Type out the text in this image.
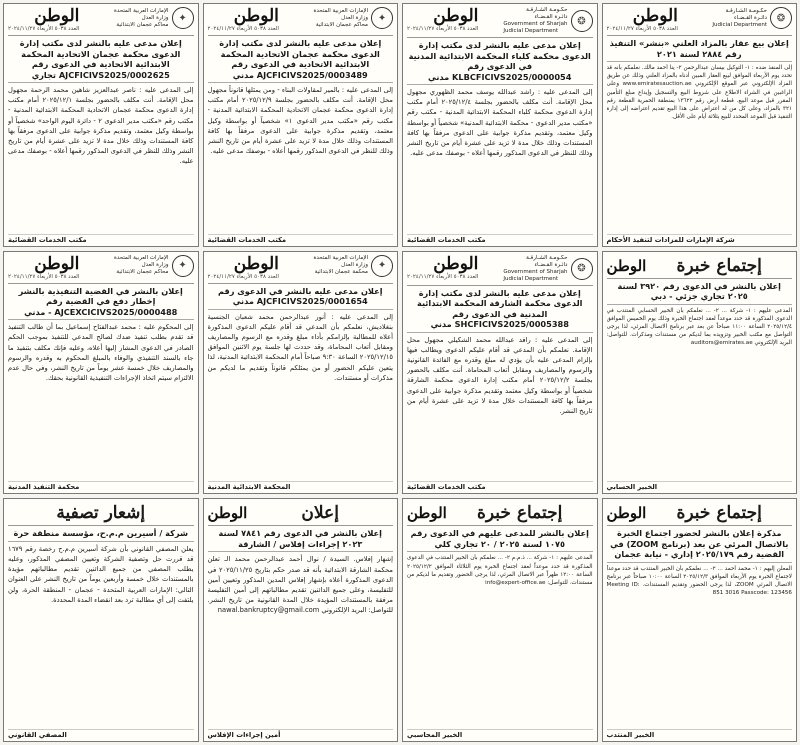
✦
الإمارات العربية المتحدة
وزارة العدل
محاكم عجمان الابتدائية
الوطن
العدد ٥٠٣٨ الأربعاء ٢٠٢٤/١١/٢٧
إعلان مدعى عليه بالنشر لدى مكتب إدارة الدعوى محكمة عجمان الاتحادية المحكمة الابتدائية الاتحادية في الدعوى رقم AJCFICIVS2025/0002625 تجاري

إلى المدعى عليه : ناصر عبدالعزيز شاهين محمد الرحمة مجهول محل الإقامة. أنت مكلف بالحضور بجلسة ٢٠٢٥/١٢/١ أمام مكتب إدارة الدعوى محكمة عجمان الاتحادية المحكمة الابتدائية المدنية - مكتب رقم «مكتب مدير الدعوى ٢ - دائرة اليوم الواحد» شخصياً أو بواسطة وكيل معتمد، وتقديم مذكرة جوابية على الدعوى مرفقاً بها كافة المستندات وذلك خلال مدة لا تزيد على عشرة أيام من تاريخ النشر وذلك للنظر في الدعوى المذكور رقمها أعلاه - بوصفك مدعى عليه.

مكتب الخدمات القضائية
✦
الإمارات العربية المتحدة
وزارة العدل
محاكم عجمان الابتدائية
الوطن
العدد ٥٠٣٨ الأربعاء ٢٠٢٤/١١/٢٧
إعلان مدعى عليه بالنشر لدى مكتب إدارة الدعوى محكمة عجمان الاتحادية المحكمة الابتدائية الاتحادية في الدعوى رقم AJCFICIVS2025/0003489 مدني

إلى المدعى عليه : بالمير لمقاولات البناء - ومن يمثلها قانوناً مجهول محل الإقامة. أنت مكلف بالحضور بجلسة ٢٠٢٥/١٢/٩ أمام مكتب إدارة الدعوى محكمة عجمان الاتحادية المحكمة الابتدائية المدنية - مكتب رقم «مكتب مدير الدعوى ١» شخصياً أو بواسطة وكيل معتمد، وتقديم مذكرة جوابية على الدعوى مرفقاً بها كافة المستندات وذلك خلال مدة لا تزيد على عشرة أيام من تاريخ النشر وذلك للنظر في الدعوى المذكور رقمها أعلاه - بوصفك مدعى عليه.

مكتب الخدمات القضائية
❂
حكـومـة الشـارقـة
دائـرة القـضـاء
Government of Sharjah
Judicial Department
الوطن
العدد ٥٠٣٨ الأربعاء ٢٠٢٤/١١/٢٧
إعلان مدعى عليه بالنشر لدى مكتب إدارة الدعوى محكمة كلباء المحكمة الابتدائية المدنية في الدعوى رقم KLBCFICIVS2025/0000054 مدني

إلى المدعى عليه : راشد عبدالله يوسف محمد الظهوري مجهول محل الإقامة. أنت مكلف بالحضور بجلسة ٢٠٢٥/١٢/٤ أمام مكتب إدارة الدعوى محكمة كلباء المحكمة الابتدائية المدنية - مكتب رقم «مكتب مدير الدعوى - محكمة الابتدائية المدنية» شخصياً أو بواسطة وكيل معتمد، وتقديم مذكرة جوابية على الدعوى مرفقاً بها كافة المستندات وذلك خلال مدة لا تزيد على عشرة أيام من تاريخ النشر وذلك للنظر في الدعوى المذكور رقمها أعلاه - بوصفك مدعى عليه.

مكتب الخدمات القضائية
❂
حكـومـة الشـارقـة
دائـرة القـضـاء
Judicial Department
الوطن
العدد ٥٠٣٨ الأربعاء ٢٠٢٤/١١/٢٧
إعلان بيع عقار بالمزاد العلني «بنشر» التنفيذ رقم ٢٨٨٤ لسنة ٢٠٢١

إلى المنفذ ضده : ١- التوكيل بيسان عبدالرحمن ٢- ينا أحمد مالك. نعلمكم بأنه قد تحدد يوم الأربعاء الموافق لبيع العقار المبين أدناه بالمزاد العلني وذلك عن طريق المزاد الإلكتروني عبر الموقع الإلكتروني www.emiratesauction.ae وعلى الراغبين في الشراء الاطلاع على شروط البيع والتسجيل وإيداع مبلغ التأمين المقرر قبل موعد البيع. قطعة أرض رقم ١٣٦٢٢ بمنطقة الحمرية القطعة رقم ٣٢١ بالمزاد، وعلى كل من له اعتراض على هذا البيع تقديم اعتراضه إلى إدارة التنفيذ قبل الموعد المحدد للبيع بثلاثة أيام على الأقل.

شركة الإمارات للمزادات لتنفيذ الأحكام
✦
الإمارات العربية المتحدة
وزارة العدل
محاكم عجمان الابتدائية
الوطن
العدد ٥٠٣٨ الأربعاء ٢٠٢٤/١١/٢٧
إعلان بالنشر في القضية التنفيذية بالنشر إخطار دفع في القضية رقم AJCEXCICIVS2025/0000488 - مدني

إلى المحكوم عليه : محمد عبدالفتاح إسماعيل بما أن طالب التنفيذ قد تقدم بطلب تنفيذ ضدك لصالح المدعي للتنفيذ بموجب الحكم الصادر في الدعوى المشار إليها أعلاه، وعليه فإنك مكلف بتنفيذ ما جاء بالسند التنفيذي والوفاء بالمبلغ المحكوم به وقدره والرسوم والمصاريف خلال خمسة عشر يوماً من تاريخ النشر، وفي حال عدم الالتزام سيتم اتخاذ الإجراءات التنفيذية القانونية بحقك.

محكمة التنفيذ المدنية
✦
الإمارات العربية المتحدة
وزارة العدل
محكمة عجمان الابتدائية
الوطن
العدد ٥٠٣٨ الأربعاء ٢٠٢٤/١١/٢٧
إعلان مدعى عليه بالنشر في الدعوى رقم AJCFICIVS2025/0001654 مدني

إلى المدعى عليه : أنور عبدالرحمن محمد شعبان الجنسية بنغلاديش، نعلمكم بأن المدعي قد أقام عليكم الدعوى المذكورة أعلاه للمطالبة بإلزامكم بأداء مبلغ وقدره مع الرسوم والمصاريف ومقابل أتعاب المحاماة، وقد حددت لها جلسة يوم الاثنين الموافق ٢٠٢٥/١٢/١٥ الساعة ٩:٣٠ صباحاً أمام المحكمة الابتدائية المدنية، لذا يتعين عليكم الحضور أو من يمثلكم قانوناً وتقديم ما لديكم من مذكرات أو مستندات.

المحكمة الابتدائية المدنية
❂
حكـومـة الشـارقـة
دائـرة القـضـاء
Government of Sharjah
Judicial Department
الوطن
العدد ٥٠٣٨ الأربعاء ٢٠٢٤/١١/٢٧
إعلان مدعى عليه بالنشر لدى مكتب إدارة الدعوى محكمة الشارقة المحكمة الابتدائية المدنية في الدعوى رقم SHCFICIVS2025/0005388 مدني

إلى المدعى عليه : رافد عبدالله محمد الشكيلي مجهول محل الإقامة. نعلمكم بأن المدعي قد أقام عليكم الدعوى ويطالب فيها بإلزام المدعى عليه بأن يؤدي له مبلغ وقدره مع الفائدة القانونية والرسوم والمصاريف ومقابل أتعاب المحاماة. أنت مكلف بالحضور بجلسة ٢٠٢٥/١٢/٢ أمام مكتب إدارة الدعوى محكمة الشارقة شخصياً أو بواسطة وكيل معتمد وتقديم مذكرة جوابية على الدعوى مرفقاً بها كافة المستندات خلال مدة لا تزيد على عشرة أيام من تاريخ النشر.

مكتب الخدمات القضائية
إجتماع خبرة
الوطن
إعلان بالنشر في الدعوى رقم ٣٩٢٠ لسنة ٢٠٢٥ تجاري جزئي - دبي

المدعى عليهم : ١- شركة ... ٢- ... نعلمكم بأن الخبير الحسابي المنتدب في الدعوى المذكورة قد حدد موعداً لعقد اجتماع الخبرة وذلك يوم الخميس الموافق ٢٠٢٥/١٢/٤ الساعة ١١:٠٠ صباحاً عن بعد عبر برنامج الاتصال المرئي، لذا يرجى التواصل مع مكتب الخبير وتزويده بما لديكم من مستندات ومذكرات. للتواصل: البريد الإلكتروني auditors@emirates.ae

الخبير الحسابي
إشعار تصفية
شركة / أسيرين م.م.ح، مؤسسة منطقة حرة

يعلن المصفي القانوني بأن شركة أسيرين م.م.ح رخصة رقم ١٦٧٩ قد قررت حل وتصفية الشركة وتعيين المصفي المذكور، وعليه يطلب المصفي من جميع الدائنين تقديم مطالباتهم مؤيدة بالمستندات خلال خمسة وأربعين يوماً من تاريخ النشر على العنوان التالي: الإمارات العربية المتحدة - عجمان - المنطقة الحرة، ولن يلتفت إلى أي مطالبة ترد بعد انقضاء المدة المحددة.

المصفي القانوني
إعلان
الوطن
إعلان بالنشر في الدعوى رقم ٧٨٤١ لسنة ٢٠٢٣ إجراءات إفلاس / الشارقة

إشهار إفلاس. السيدة / نوال أحمد عبدالرحمن محمد الـ تعلن محكمة الشارقة الابتدائية بأنه قد صدر حكم بتاريخ ٢٠٢٥/١١/٢٥ في الدعوى المذكورة أعلاه بإشهار إفلاس المدين المذكور وتعيين أمين للتفليسة، وعلى جميع الدائنين تقديم مطالباتهم إلى أمين التفليسة مرفقة بالمستندات المؤيدة خلال المدة القانونية من تاريخ النشر. للتواصل: البريد الإلكتروني nawal.bankruptcy@gmail.com

أمين إجراءات الإفلاس
إجتماع خبرة
الوطن
إعلان بالنشر للمدعى عليهم في الدعوى رقم ١٠٧٥ لسنة ٢٠٢٥ / ٢٠ تجاري كلي

المدعى عليهم : ١- شركة ... ذ.م.م ٢- ... نعلمكم بأن الخبير المنتدب في الدعوى المذكورة قد حدد موعداً لعقد اجتماع الخبرة يوم الثلاثاء الموافق ٢٠٢٥/١٢/٢ الساعة ١٢:٠٠ ظهراً عبر الاتصال المرئي، لذا يرجى الحضور وتقديم ما لديكم من مستندات. للتواصل: info@expert-office.ae

الخبير المحاسبي
إجتماع خبرة
الوطن
مذكرة إعلان بالنشر لحضور اجتماع الخبرة بالاتصال المرئي عن بعد (برنامج ZOOM) في القضية رقم ٢٠٢٥/١٧٩ إداري - نيابة عجمان

المعلن إليهم : ١- محمد أحمد ... ٢- ... نعلمكم بأن الخبير المنتدب قد حدد موعداً لاجتماع الخبرة يوم الأربعاء الموافق ٢٠٢٥/١٢/٣ الساعة ١٠:٠٠ صباحاً عبر برنامج الاتصال المرئي ZOOM، لذا يرجى الحضور وتقديم المستندات. Meeting ID: 851 3016 Passcode: 123456

الخبير المنتدب
